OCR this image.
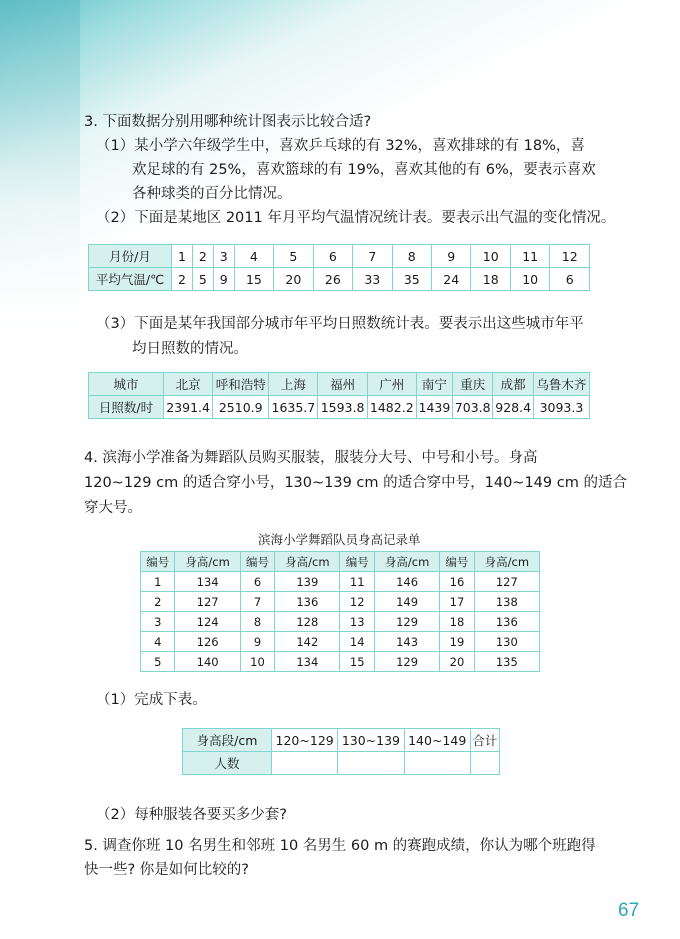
3. 下面数据分别用哪种统计图表示比较合适?
（1）某小学六年级学生中，喜欢乒乓球的有 32%，喜欢排球的有 18%，喜
欢足球的有 25%，喜欢篮球的有 19%，喜欢其他的有 6%，要表示喜欢
各种球类的百分比情况。
（2）下面是某地区 2011 年月平均气温情况统计表。要表示出气温的变化情况。
月份/月	1	2	3	4	5	6	7	8	9	10	11	12
平均气温/℃	2	5	9	15	20	26	33	35	24	18	10	6
（3）下面是某年我国部分城市年平均日照数统计表。要表示出这些城市年平
均日照数的情况。
城市	北京	呼和浩特	上海	福州	广州	南宁	重庆	成都	乌鲁木齐
日照数/时	2391.4	2510.9	1635.7	1593.8	1482.2	1439	703.8	928.4	3093.3
4. 滨海小学准备为舞蹈队员购买服装，服装分大号、中号和小号。身高
120~129 cm 的适合穿小号，130~139 cm 的适合穿中号，140~149 cm 的适合
穿大号。
滨海小学舞蹈队员身高记录单
编号	身高/cm	编号	身高/cm	编号	身高/cm	编号	身高/cm
1	134	6	139	11	146	16	127
2	127	7	136	12	149	17	138
3	124	8	128	13	129	18	136
4	126	9	142	14	143	19	130
5	140	10	134	15	129	20	135
（1）完成下表。
身高段/cm	120~129	130~139	140~149	合计
人数				
（2）每种服装各要买多少套?
5. 调查你班 10 名男生和邻班 10 名男生 60 m 的赛跑成绩，你认为哪个班跑得
快一些? 你是如何比较的?
67
